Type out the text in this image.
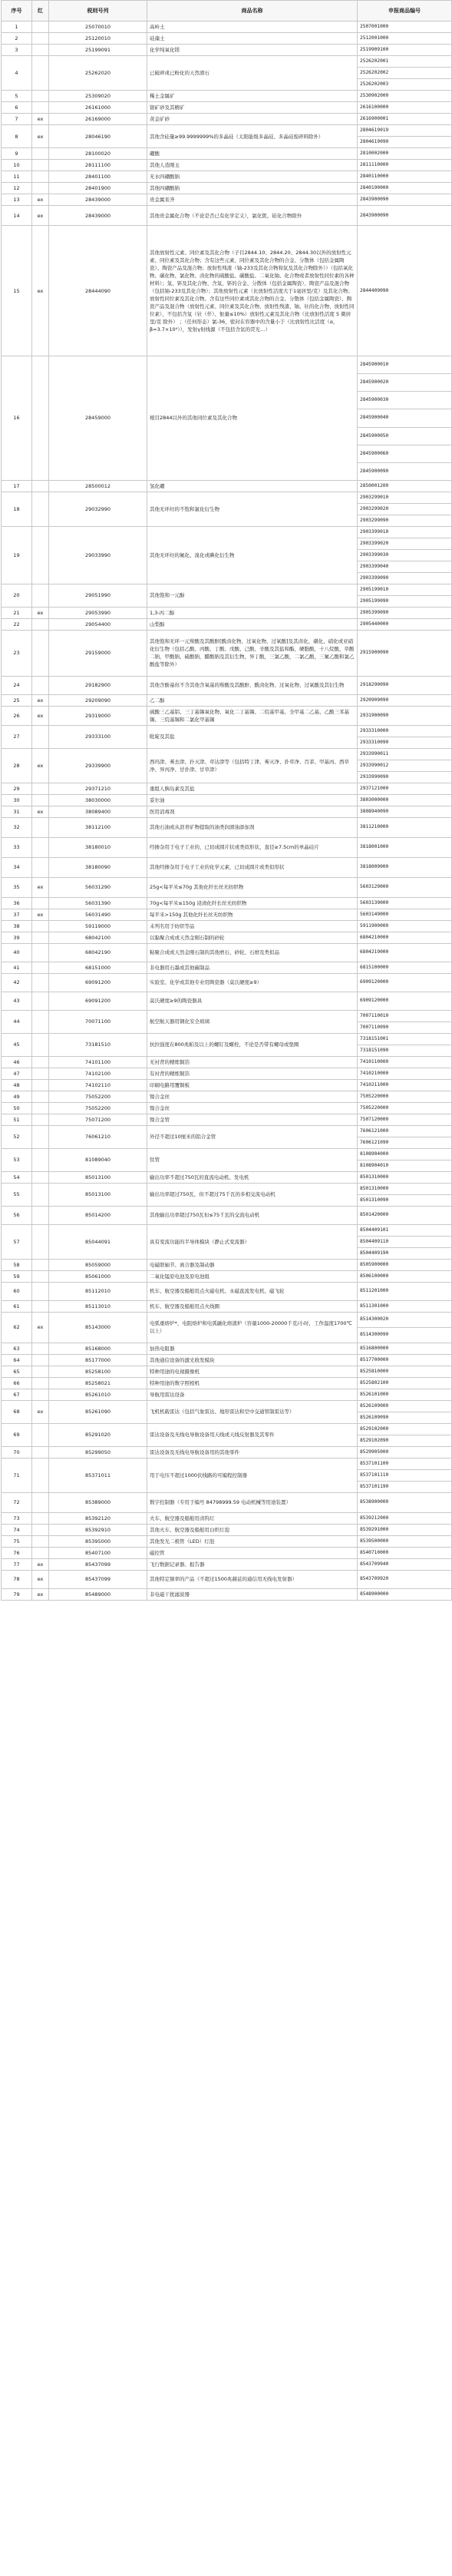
序号	红	税则号列	商品名称	申报商品编号
1		25070010	高岭土	2507001000
2		25120010	硅藻土	2512001000
3		25199091	化学纯氧化镁	2519909100
4		25262020	已破碎或已粉化的天然滑石	2526202001
				2526202002
				2526202003
5		25309020	稀土金属矿	2530902000
6		26161000	银矿砂及其精矿	2616100000
7	ex	26169000	黄金矿砂	2616900001
8	ex	28046190	其他含硅量≥99.9999999%的多晶硅（太阳能级多晶硅、多晶硅废碎料除外）	2804619019
				2804619090
9		28100020	硼酸	2810002000
10		28111100	其他人造刚玉	2811110000
11		28401100	无水四硼酸钠	2840110000
12		28401900	其他四硼酸钠	2840190000
13	ex	28439000	贵金属汞齐	2843900090
14	ex	28439000	其他贵金属化合物（不论是否已有化学定义），氯化铌、铂化合物除外	2843900090
15	ex	28444090	其他放射性元素、同位素及其化合物（子目2844.10、2844.20、2844.30以外的放射性元素、同位素及其化合物；含有这些元素、同位素及其化合物的合金、分散体（包括金属陶瓷）、陶瓷产品及混合物；放射性残渣（铀-233及其化合物和氚及其化合物除外））（包括氧化物、碳化物、氯化物、卤化物的硫酸盐、碳酸盐、二氧化铀、化合物或者放射性同位素的各种材料）；氚、钚及其化合物、含氚、钚的合金、分散体（包括金属陶瓷）、陶瓷产品及混合物（包括铀-233及其化合物）；其他放射性元素（比放射性活度大于1毫居里/克）及其化合物；放射性同位素及其化合物、含有这些同位素或其化合物的合金、分散体（包括金属陶瓷）、陶瓷产品及混合物（放射性元素、同位素及其化合物、放射性残渣、铀、钍的化合物、放射性同位素），不包括含氚（钍（仟）、钷量≤10%）放射性元素及其化合物（比放射性活度 5 微居里/克 除外） ；（任何形态）氯-36，密封在容器中的含量小于（比放射性比活度（α，β=3.7×10⁴）），发射γ射线源（不包括含氚的荧光…）	2844409090
16		28459000	根目2844以外的其他同位素及其化合物	2845900010
				2845900020
				2845900030
				2845900040
				2845900050
				2845900060
				2845900090
17		28500012	氢化硼	2850001200
18		29032990	其他无环烃的不饱和氯化衍生物	2903299010
				2903299020
				2903299090
19		29033990	其他无环烃的氟化、溴化或碘化衍生物	2903399010
				2903399020
				2903399030
				2903399040
				2903399090
20		29051990	其他饱和一元醇	2905199010
				2905199090
21	ex	29053990	1,3-丙二醇	2905399090
22		29054400	山梨醇	2905440000
23		29159000	其他饱和无环一元羧酸及其酸酐[酰卤化物、过氧化物、过氧酸]及其卤化、磺化、硝化或亚硝化衍生物（包括乙酸、丙酸、丁酸、戊酸、己酸、辛酸及其盐和酯，硬脂酸，十八烷酸，草酸二钠，甲酸钠，硫酸钠，醋酸钠及其衍生物，异丁酸，三氯乙酸，二氯乙酸，三氟乙酸和氯乙酸盐等除外）	2915900090
24		29182900	其他含酚基但不含其他含氧基的羧酸及其酸酐、酰卤化物、过氧化物、过氧酸及其衍生物	2918290090
25	ex	29209090	乙二醇	2920909090
26	ex	29319000	硫酸三乙基铝、三丁基锡氧化物、氧化二丁基锡、二烷基甲基、全甲基二乙基、乙酸三苯基锡、三烷基锡和二氯化甲基锡	2931900090
27		29333100	吡啶及其盐	2933310000
				2933310090
28	ex	29339900	西玛津、莠去津、扑灭津、草达津等（包括特丁津、莠灭净、扑草净、百菲、甲基丙、西草净、异丙净、甘扑津、甘草津）	2933990011
				2933990012
				2933990090
29		29371210	重组人胰岛素及其盐	2937121000
30		38030000	妥尔油	3803000000
31	ex	38089400	医用消毒剂	3808940090
32		38112100	其他石油或从沥青矿物提取的油类润滑油添加剂	3811210000
33		38180010	经掺杂用于电子工业的，已切成圆片状或类似形状，直径≥7.5cm的单晶硅片	3818001000
34		38180090	其他经掺杂用于电子工业的化学元素，已切成圆片或类似形状	3818009000
35	ex	56031290	25g<每平米≤70g 其他化纤长丝无纺织物	5603129000
36		56031390	70g<每平米≤150g 浸渍化纤长丝无纺织物	5603139000
37	ex	56031490	每平米>150g 其他化纤长丝无纺织物	5603149000
38		59119000	未列名用于纺织等品	5911900000
39		68042100	以黏聚合成或天然金刚石制的砂轮	6804210000
40		68042190	粘聚合成或天然金刚石制的其他磨石、砂轮、石磨及类似品	6804219000
41		68151000	非电器用石墨或其他碳制品	6815100000
42		69091200	实验室、化学或其他专业用陶瓷器（莫氏硬度≥9）	6909120000
43		69091200	莫氏硬度≥9的陶瓷器具	6909120000
44		70071100	航空航天器用钢化安全玻璃	7007110010
				7007110090
45		73181510	抗拉强度在800兆帕及以上的螺钉及螺栓，不论是否带有螺母或垫圈	7318151001
				7318151090
46		74101100	无衬背的精炼铜箔	7410110000
47		74102100	有衬背的精炼铜箔	7410210000
48		74102110	印刷电路用覆铜板	7410211000
49		75052200	镍合金丝	7505220000
50		75052200	镍合金丝	7505220000
51		75071200	镍合金管	7507120000
52		76061210	外径不超过10厘米的铝合金管	7606121000
				7606121090
53		81089040	钛管	8108904000
				8108904010
54		85013100	输出功率不超过750瓦的直流电动机、发电机	8501310000
55		85013100	输出功率超过750瓦，但不超过75千瓦的多相交流电动机	8501310000
				8501310090
56		85014200	其他输出功率超过750瓦但≤75千瓦的交流电动机	8501420000
57		85044091	具有变流功能的半导体模块（静止式变流器）	8504409101
				8504409110
				8504409190
58		85059000	电磁联轴节、离合器及制动器	8505900000
59		85061000	二氧化锰原电池及原电池组	8506100000
60		85112010	机车、航空器及船舶用点火磁电机、永磁直流发电机、磁飞轮	8511201000
61		85113010	机车、航空器及船舶用点火线圈	8511301000
62	ex	85143000	电弧重熔炉*、电阻熔炉和电弧融化熔渣炉（容量1000-20000千克/小时，工作温度1700℃以上）	8514300020
				8514300090
63		85168000	加热电阻器	8516800000
64		85177000	其他通信设备的激光收发模块	8517700000
65		85258100	特种用途的电视摄像机	8525810000
66		85258021	特种用途的数字照相机	8525802100
67		85261010	导航用雷达设备	8526101000
68	ex	85261090	飞机机载雷达（包括气象雷达、地形雷达和空中交通管制雷达等）	8526109000
				8526109090
69		85291020	雷达设备及无线电导航设备用天线或天线反射器及其零件	8529102000
				8529102090
70		85299050	雷达设备及无线电导航设备用的其他零件	8529905000
71		85371011	用于电压不超过1000伏线路的可编程控制器	8537101100
				8537101110
				8537101190
72		85389000	数字控制器（专用于编号 84798999.59 电动机械等用途装置）	8538900000
73		85392120	火车、航空器及船舶用卤钨灯	8539212000
74		85392910	其他火车、航空器及船舶用白炽灯泡	8539291000
75		85395000	其他发光二极管（LED）灯泡	8539500000
76		85407100	磁控管	8540710000
77	ex	85437099	飞行数据记录器、报告器	8543709940
78	ex	85437099	其他特定频率的产品（不超过1500兆赫兹的通信用无线电发射器）	8543709920
79	ex	85489000	非电磁干扰滤波器	8548900000
